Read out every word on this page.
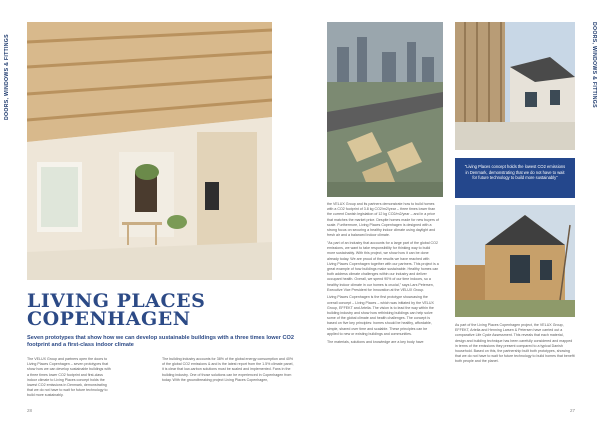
DOORS, WINDOWS & FITTINGS	DOORS, WINDOWS & FITTINGS
LIVING PLACES
COPENHAGEN
Seven prototypes that show how we can develop sustainable buildings with a three times lower CO2 footprint and a first-class indoor climate
The VELUX Group and partners open the doors to Living Places Copenhagen – seven prototypes that show how we can develop sustainable buildings with a three times lower CO2 footprint and first-class indoor climate to Living Places concept holds the lowest CO2 emissions in Denmark, demonstrating that we do not have to wait for future technology to build more sustainably.
The building industry accounts for 38% of the global energy consumption and 40% of the global CO2 emissions & and is the latest report from the 1.5% climate panel, it is clear that low-carbon solutions must be scaled and implemented. Fans in the building industry. One of those solutions can be experienced in Copenhagen from today. With the groundbreaking project Living Places Copenhagen,

the VELUX Group and its partners demonstrate how to build homes with a CO2 footprint of 3.8 kg CO2/m2/year – three times lower than the current Danish legislation of 12 kg CO2/m2/year – and in a price that matches the market price. Despite homes made for new buyers of scale. Furthermore, Living Places Copenhagen is designed with a strong focus on securing a healthy indoor climate using daylight and fresh air and a balanced indoor climate.

"As part of an industry that accounts for a large part of the global CO2 emissions, we want to take responsibility for thinking way to build more sustainably. With this project, we show how it can be done already today. We are proud of the results we have reached with Living Places Copenhagen together with our partners. This project is a great example of how buildings make sustainable. Healthy homes can both address climate challenges within our industry and deliver occupant health. Overall, we spend 90% of our time indoors, so a healthy indoor climate in our homes is crucial," says Lars Petersen, Executive Vice President for Innovation at the VELUX Group.

Living Places Copenhagen is the first prototype showcasing the overall concept – Living Places – which was initiated by the VELUX Group, EFFEKT and Artelia. The vision is to lead the way within the building industry and show how rethinking buildings can help solve some of the global climate and health challenges. The concept is based on five key principles: homes should be healthy, affordable, simple, shared over time and scalable. These principles can be applied to new or existing buildings and communities.

The materials, solutions and knowledge are a key body have

"Living Places concept holds the lowest CO2 emissions in Denmark, demonstrating that we do not have to wait for future technology to build more sustainably"
As part of the Living Places Copenhagen project, the VELUX Group, EFFEKT, Artelia and Henning Larsen & Petersen have carried out a comparative Life Cycle Assessment. This reveals that each material, design and building technique has been carefully considered and mapped in terms of the emissions they present compared to a typical Danish household. Based on this, the partnership built both prototypes, showing that we do not have to wait for future technology to build homes that benefit both people and the planet.
28	27
